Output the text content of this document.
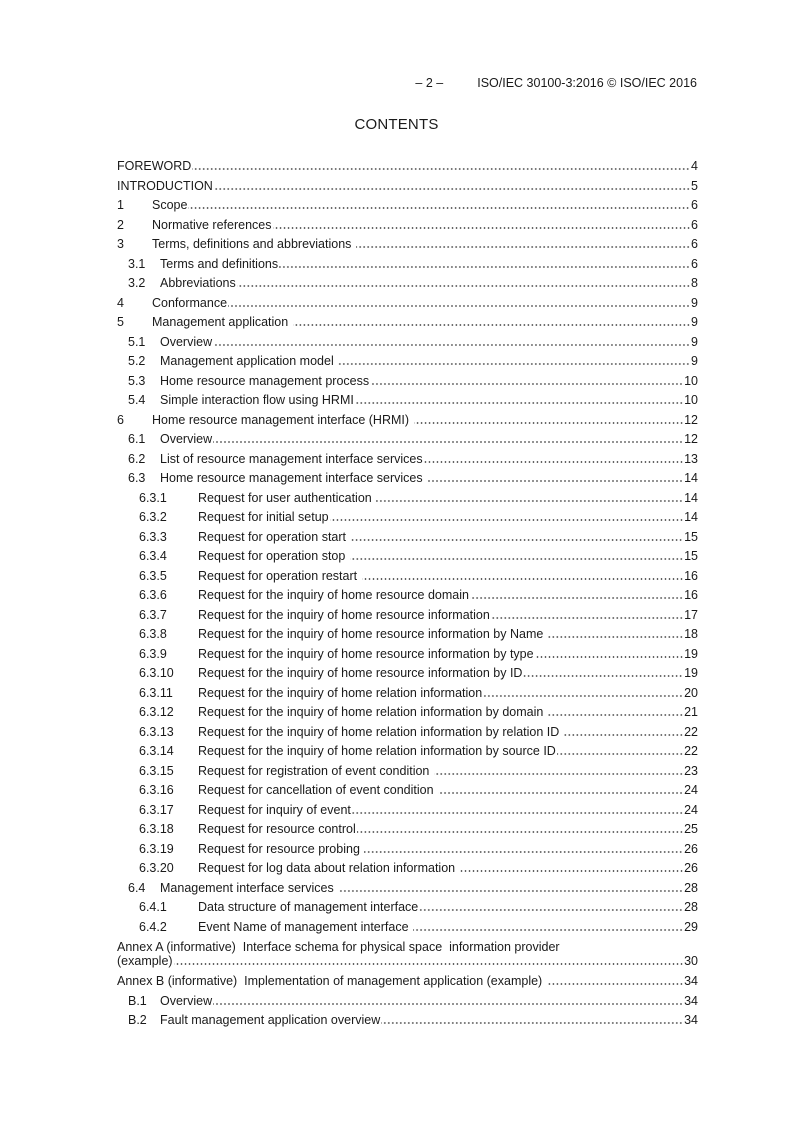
– 2 –	ISO/IEC 30100-3:2016 © ISO/IEC 2016
CONTENTS
FOREWORD	4
INTRODUCTION	5
1	Scope	6
2	Normative references	6
3	Terms, definitions and abbreviations	6
3.1	Terms and definitions	6
3.2	Abbreviations	8
4	Conformance	9
5	Management application	9
5.1	Overview	9
5.2	Management application model	9
5.3	Home resource management process	10
5.4	Simple interaction flow using HRMI	10
6	Home resource management interface (HRMI)	12
6.1	Overview	12
6.2	List of resource management interface services	13
6.3	Home resource management interface services	14
6.3.1	Request for user authentication	14
6.3.2	Request for initial setup	14
6.3.3	Request for operation start	15
6.3.4	Request for operation stop	15
6.3.5	Request for operation restart	16
6.3.6	Request for the inquiry of home resource domain	16
6.3.7	Request for the inquiry of home resource information	17
6.3.8	Request for the inquiry of home resource information by Name	18
6.3.9	Request for the inquiry of home resource information by type	19
6.3.10	Request for the inquiry of home resource information by ID	19
6.3.11	Request for the inquiry of home relation information	20
6.3.12	Request for the inquiry of home relation information by domain	21
6.3.13	Request for the inquiry of home relation information by relation ID	22
6.3.14	Request for the inquiry of home relation information by source ID	22
6.3.15	Request for registration of event condition	23
6.3.16	Request for cancellation of event condition	24
6.3.17	Request for inquiry of event	24
6.3.18	Request for resource control	25
6.3.19	Request for resource probing	26
6.3.20	Request for log data about relation information	26
6.4	Management interface services	28
6.4.1	Data structure of management interface	28
6.4.2	Event Name of management interface	29
Annex A (informative)  Interface schema for physical space  information provider
(example)	30
Annex B (informative)  Implementation of management application (example)	34
B.1	Overview	34
B.2	Fault management application overview	34
